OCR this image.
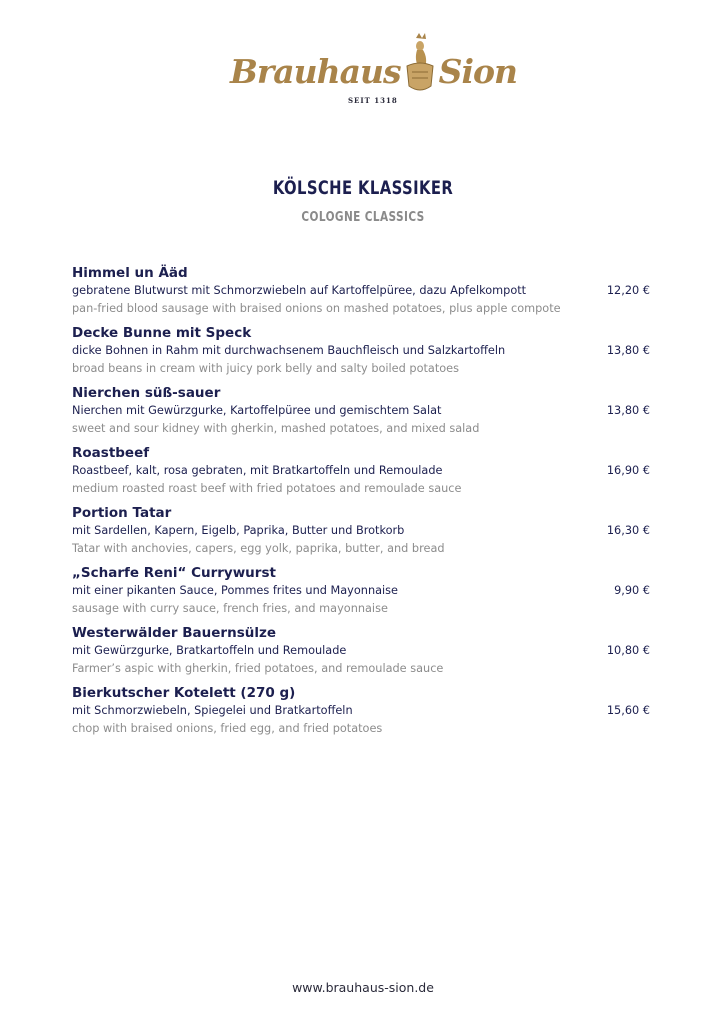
Brauhaus Sion
SEIT 1318
KÖLSCHE KLASSIKER
COLOGNE CLASSICS
Himmel un Ääd
gebratene Blutwurst mit Schmorzwiebeln auf Kartoffelpüree, dazu Apfelkompott
pan-fried blood sausage with braised onions on mashed potatoes, plus apple compote
12,20 €
Decke Bunne mit Speck
dicke Bohnen in Rahm mit durchwachsenem Bauchfleisch und Salzkartoffeln
broad beans in cream with juicy pork belly and salty boiled potatoes
13,80 €
Nierchen süß-sauer
Nierchen mit Gewürzgurke, Kartoffelpüree und gemischtem Salat
sweet and sour kidney with gherkin, mashed potatoes, and mixed salad
13,80 €
Roastbeef
Roastbeef, kalt, rosa gebraten, mit Bratkartoffeln und Remoulade
medium roasted roast beef with fried potatoes and remoulade sauce
16,90 €
Portion Tatar
mit Sardellen, Kapern, Eigelb, Paprika, Butter und Brotkorb
Tatar with anchovies, capers, egg yolk, paprika, butter, and bread
16,30 €
„Scharfe Reni“ Currywurst
mit einer pikanten Sauce, Pommes frites und Mayonnaise
sausage with curry sauce, french fries, and mayonnaise
9,90 €
Westerwälder Bauernsülze
mit Gewürzgurke, Bratkartoffeln und Remoulade
Farmer’s aspic with gherkin, fried potatoes, and remoulade sauce
10,80 €
Bierkutscher Kotelett (270 g)
mit Schmorzwiebeln, Spiegelei und Bratkartoffeln
chop with braised onions, fried egg, and fried potatoes
15,60 €
www.brauhaus-sion.de
